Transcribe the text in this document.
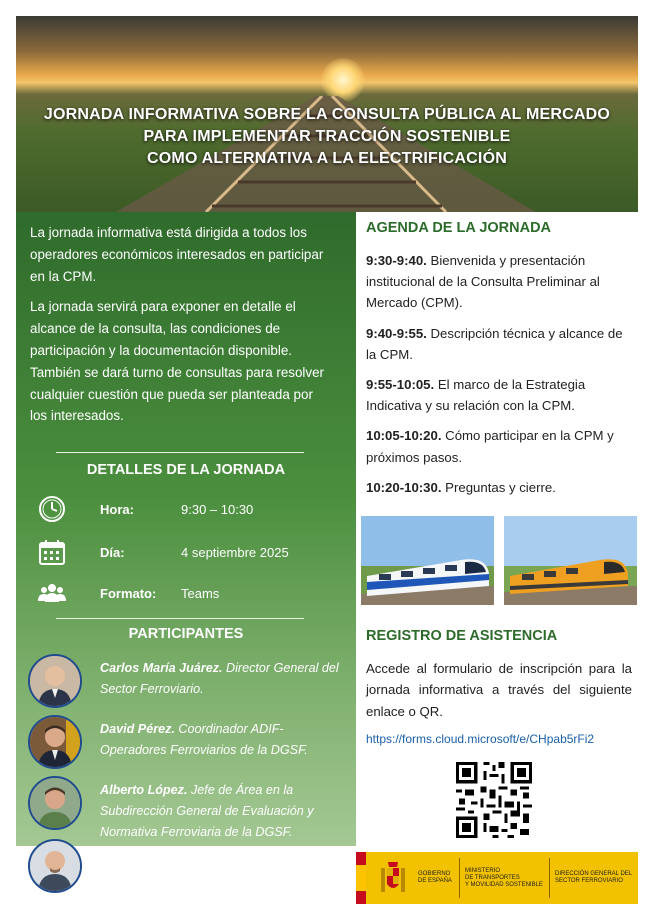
JORNADA INFORMATIVA SOBRE LA CONSULTA PÚBLICA AL MERCADO
PARA IMPLEMENTAR TRACCIÓN SOSTENIBLE
COMO ALTERNATIVA A LA ELECTRIFICACIÓN

La jornada informativa está dirigida a todos los operadores económicos interesados en participar en la CPM.

La jornada servirá para exponer en detalle el alcance de la consulta, las condiciones de participación y la documentación disponible. También se dará turno de consultas para resolver cualquier cuestión que pueda ser planteada por los interesados.

DETALLES DE LA JORNADA
Hora:	9:30 – 10:30
Día:	4 septiembre 2025
Formato: Teams
PARTICIPANTES
Carlos María Juárez. Director General del Sector Ferroviario.
David Pérez. Coordinador ADIF-Operadores Ferroviarios de la DGSF.
Alberto López. Jefe de Área en la Subdirección General de Evaluación y Normativa Ferroviaria de la DGSF.
Rubén Heredia - Director de CPI de Zabala Innovation.
AGENDA DE LA JORNADA
9:30-9:40. Bienvenida y presentación institucional de la Consulta Preliminar al Mercado (CPM).
9:40-9:55. Descripción técnica y alcance de la CPM.
9:55-10:05. El marco de la Estrategia Indicativa y su relación con la CPM.
10:05-10:20. Cómo participar en la CPM y próximos pasos.
10:20-10:30. Preguntas y cierre.
REGISTRO DE ASISTENCIA
Accede al formulario de inscripción para la jornada informativa a través del siguiente enlace o QR.
https://forms.cloud.microsoft/e/CHpab5rFi2
GOBIERNO
DE ESPAÑA
MINISTERIO
DE TRANSPORTES
Y MOVILIDAD SOSTENIBLE
DIRECCIÓN GENERAL DEL
SECTOR FERROVIARIO
